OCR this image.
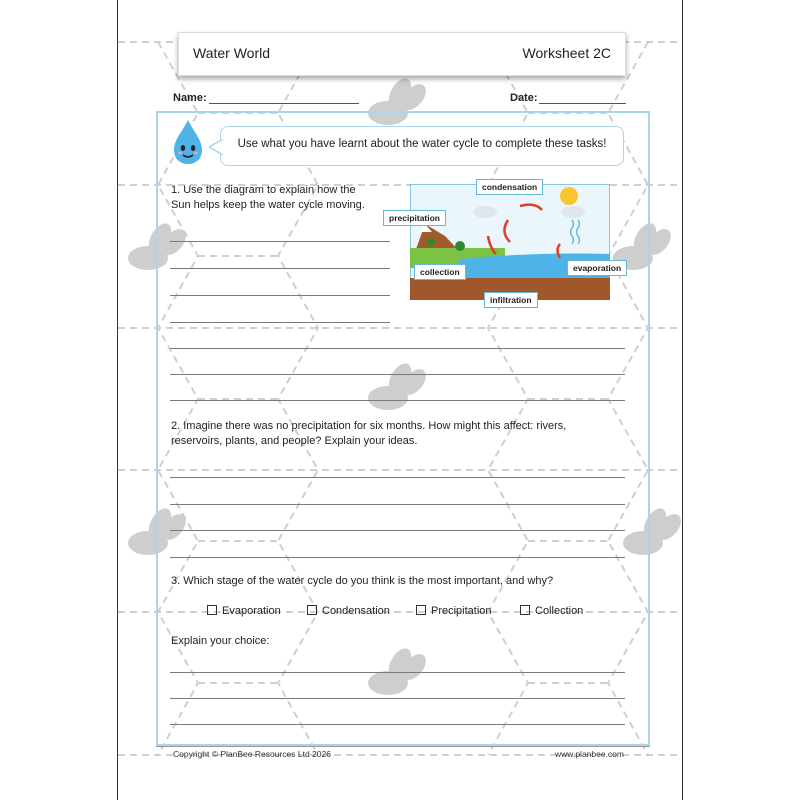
Water World	Worksheet 2C
Name:	Date:
Use what you have learnt about the water cycle to complete these tasks!
1. Use the diagram to explain how the
Sun helps keep the water cycle moving.
condensation
precipitation
collection	evaporation
infiltration
2. Imagine there was no precipitation for six months. How might this affect: rivers,
reservoirs, plants, and people? Explain your ideas.
3. Which stage of the water cycle do you think is the most important, and why?
Evaporation	Condensation	Precipitation	Collection
Explain your choice:
Copyright © PlanBee Resources Ltd 2026	www.planbee.com
